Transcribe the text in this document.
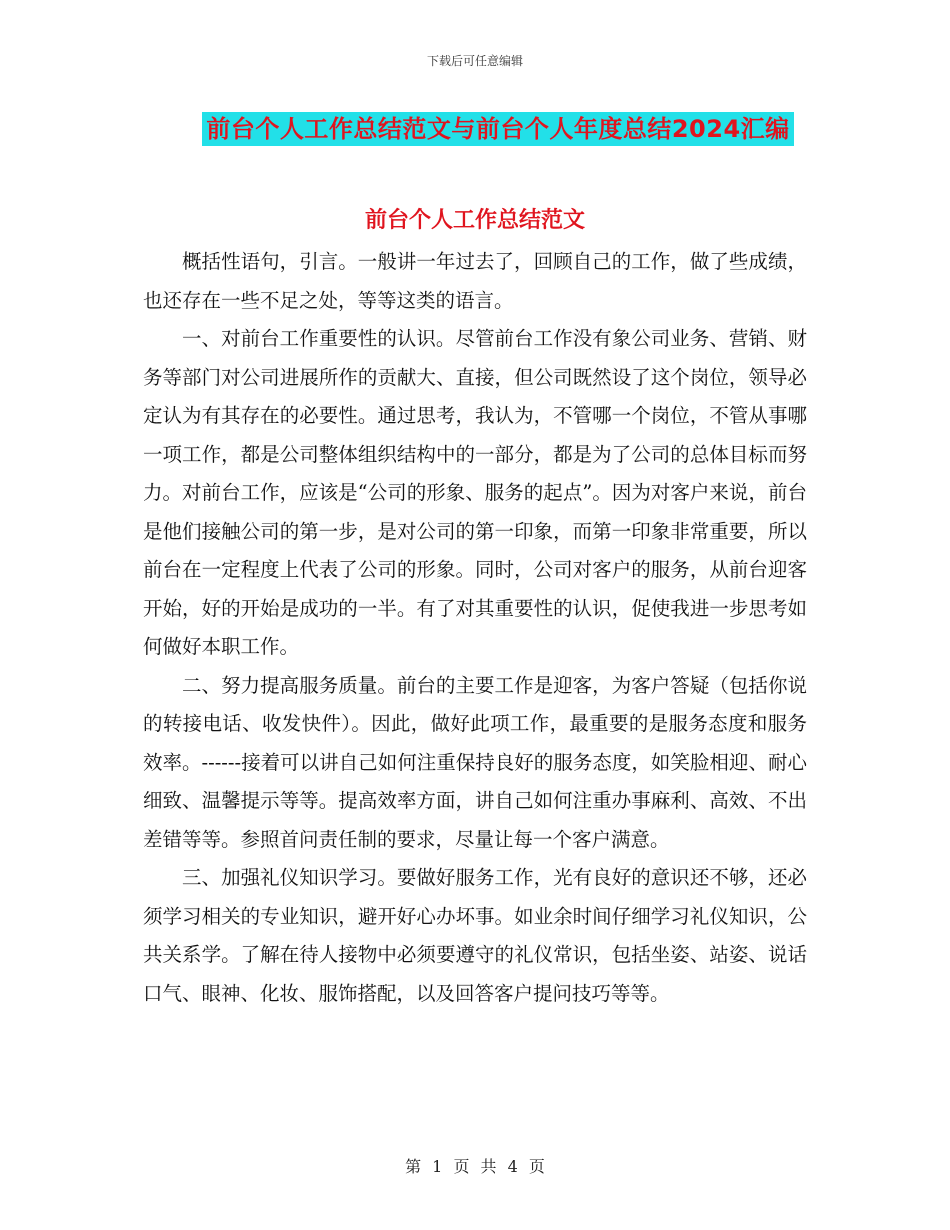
下载后可任意编辑
前台个人工作总结范文与前台个人年度总结2024汇编
前台个人工作总结范文

概括性语句，引言。一般讲一年过去了，回顾自己的工作，做了些成绩，也还存在一些不足之处，等等这类的语言。

一、对前台工作重要性的认识。尽管前台工作没有象公司业务、营销、财务等部门对公司进展所作的贡献大、直接，但公司既然设了这个岗位，领导必定认为有其存在的必要性。通过思考，我认为，不管哪一个岗位，不管从事哪一项工作，都是公司整体组织结构中的一部分，都是为了公司的总体目标而努力。对前台工作，应该是“公司的形象、服务的起点”。因为对客户来说，前台是他们接触公司的第一步，是对公司的第一印象，而第一印象非常重要，所以前台在一定程度上代表了公司的形象。同时，公司对客户的服务，从前台迎客开始，好的开始是成功的一半。有了对其重要性的认识，促使我进一步思考如何做好本职工作。

二、努力提高服务质量。前台的主要工作是迎客，为客户答疑（包括你说的转接电话、收发快件）。因此，做好此项工作，最重要的是服务态度和服务效率。------接着可以讲自己如何注重保持良好的服务态度，如笑脸相迎、耐心细致、温馨提示等等。提高效率方面，讲自己如何注重办事麻利、高效、不出差错等等。参照首问责任制的要求，尽量让每一个客户满意。

三、加强礼仪知识学习。要做好服务工作，光有良好的意识还不够，还必须学习相关的专业知识，避开好心办坏事。如业余时间仔细学习礼仪知识，公共关系学。了解在待人接物中必须要遵守的礼仪常识，包括坐姿、站姿、说话口气、眼神、化妆、服饰搭配，以及回答客户提问技巧等等。

第 1 页 共 4 页
